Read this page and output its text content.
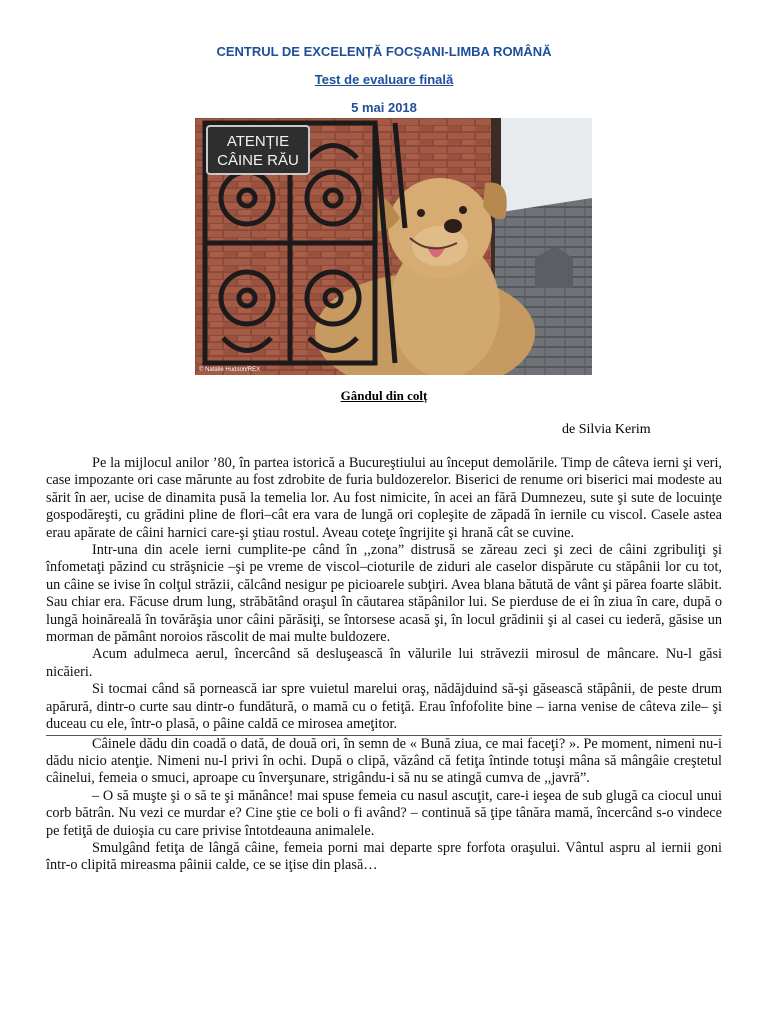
CENTRUL DE EXCELENȚĂ FOCȘANI-LIMBA ROMÂNĂ
Test de evaluare finală
5 mai 2018
ATENȚIE
CÂINE RĂU
© Natalie Hudson/REX
Gândul din colț
de Silvia Kerim

Pe la mijlocul anilor ’80, în partea istorică a Bucureştiului au început demolările. Timp de câteva ierni şi veri, case impozante ori case mărunte au fost zdrobite de furia buldozerelor. Biserici de renume ori biserici mai modeste au sărit în aer, ucise de dinamita pusă la temelia lor. Au fost nimicite, în acei an fără Dumnezeu, sute şi sute de locuinţe gospodăreşti, cu grădini pline de flori–cât era vara de lungă ori copleşite de zăpadă în iernile cu viscol. Casele astea erau apărate de câini harnici care-şi ştiau rostul. Aveau coteţe îngrijite şi hrană cât se cuvine.

Intr-una din acele ierni cumplite-pe când în ,,zona” distrusă se zăreau zeci şi zeci de câini zgribuliţi şi înfometaţi păzind cu străşnicie –şi pe vreme de viscol–cioturile de ziduri ale caselor dispărute cu stăpânii lor cu tot, un câine se ivise în colţul străzii, călcând nesigur pe picioarele subţiri. Avea blana bătută de vânt şi părea foarte slăbit. Sau chiar era. Făcuse drum lung, străbătând oraşul în căutarea stăpânilor lui. Se pierduse de ei în ziua în care, după o lungă hoinăreală în tovărăşia unor câini părăsiţi, se întorsese acasă şi, în locul grădinii şi al casei cu iederă, găsise un morman de pământ noroios răscolit de mai multe buldozere.

Acum adulmeca aerul, încercând să desluşească în vălurile lui străvezii mirosul de mâncare. Nu-l găsi nicăieri.

Si tocmai când să pornească iar spre vuietul marelui oraş, nădăjduind să-şi găsească stăpânii, de peste drum apărură, dintr-o curte sau dintr-o fundătură, o mamă cu o fetiţă. Erau înfofolite bine – iarna venise de câteva zile– şi duceau cu ele, într-o plasă, o pâine caldă ce mirosea ameţitor.

Câinele dădu din coadă o dată, de două ori, în semn de « Bună ziua, ce mai faceţi? ». Pe moment, nimeni nu-i dădu nicio atenţie. Nimeni nu-l privi în ochi. După o clipă, văzând că fetiţa întinde totuşi mâna să mângâie creştetul câinelui, femeia o smuci, aproape cu înverşunare, strigându-i să nu se atingă cumva de ,,javră”.

– O să muşte şi o să te şi mănânce! mai spuse femeia cu nasul ascuţit, care-i ieşea de sub glugă ca ciocul unui corb bătrân. Nu vezi ce murdar e? Cine ştie ce boli o fi având? – continuă să ţipe tânăra mamă, încercând s-o vindece pe fetiţă de duioşia cu care privise întotdeauna animalele.

Smulgând fetiţa de lângă câine, femeia porni mai departe spre forfota oraşului. Vântul aspru al iernii goni într-o clipită mireasma pâinii calde, ce se iţise din plasă…
